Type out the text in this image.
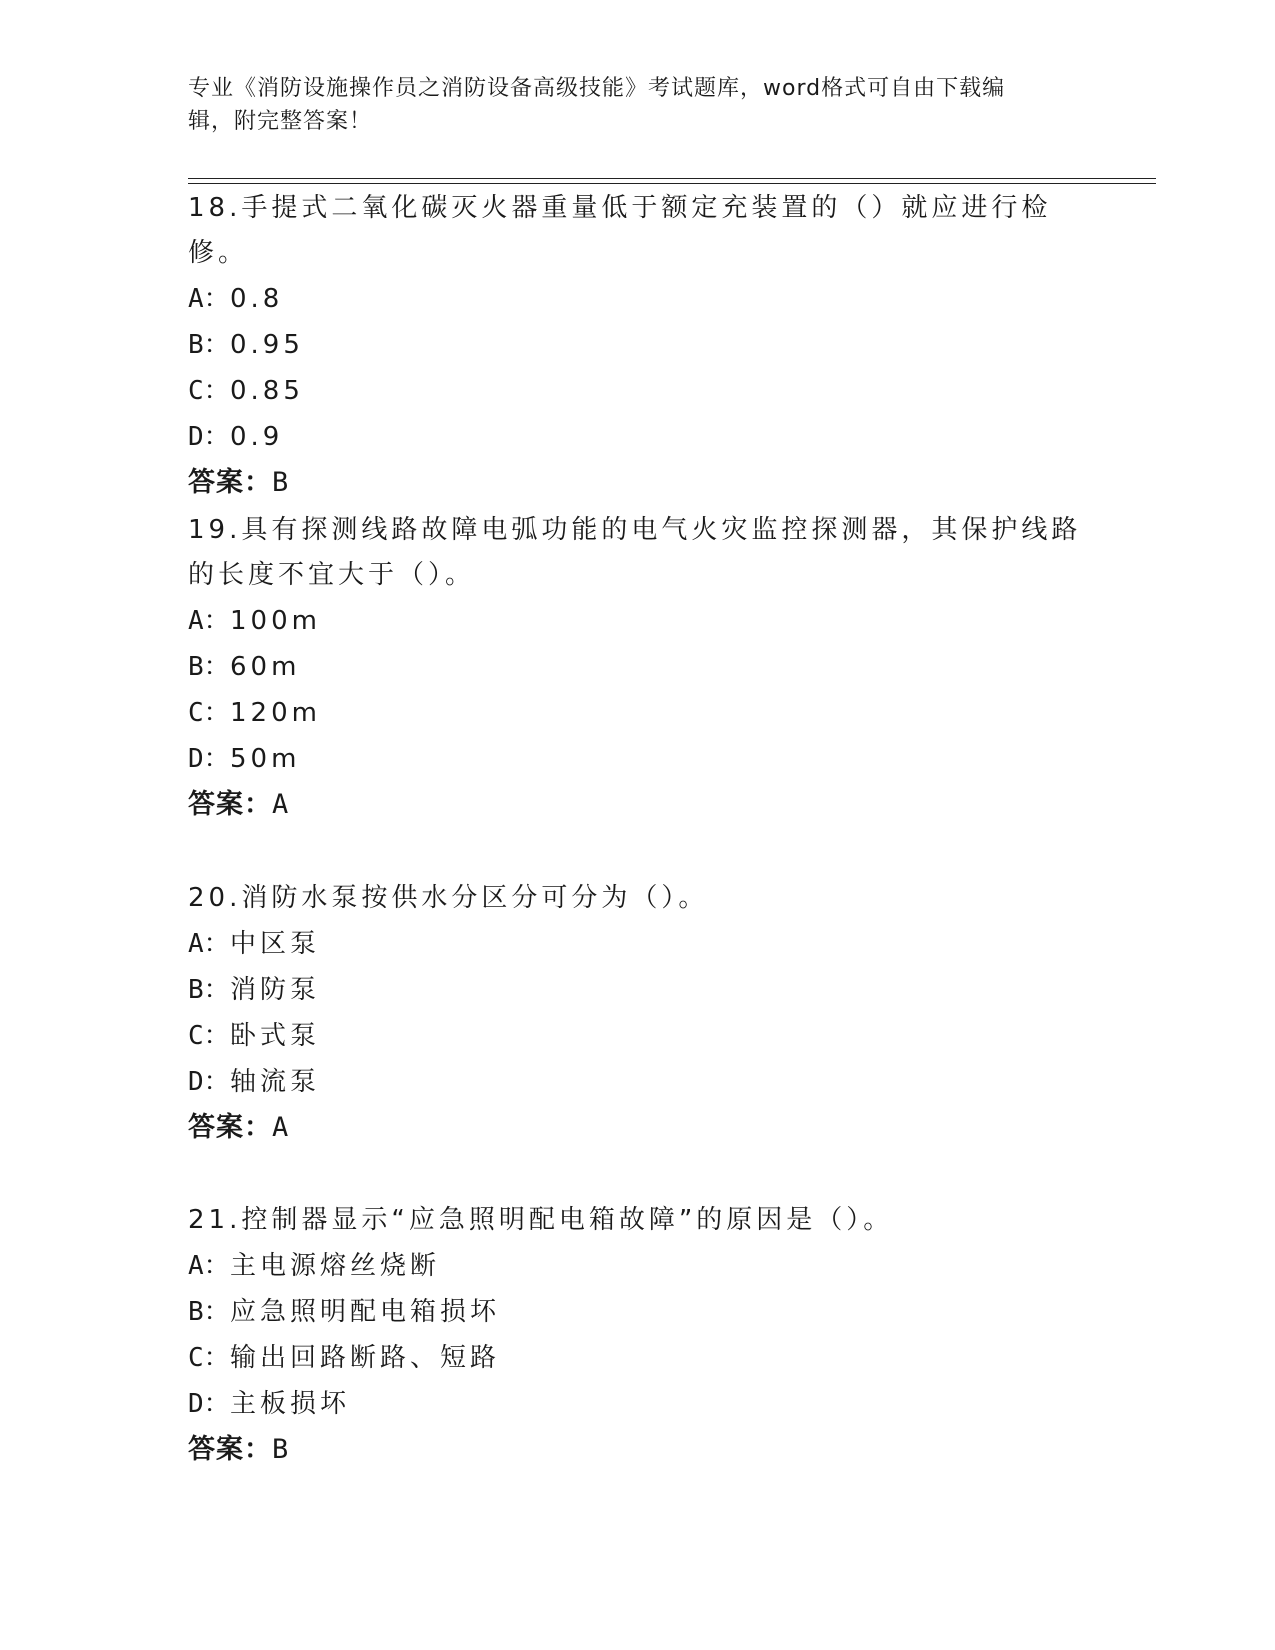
专业《消防设施操作员之消防设备高级技能》考试题库，word格式可自由下载编
辑，附完整答案！

18.手提式二氧化碳灭火器重量低于额定充装置的（）就应进行检修。

A：0.8
B：0.95
C：0.85
D：0.9
答案：B

19.具有探测线路故障电弧功能的电气火灾监控探测器，其保护线路的长度不宜大于（）。

A：100m
B：60m
C：120m
D：50m
答案：A

20.消防水泵按供水分区分可分为（）。

A：中区泵
B：消防泵
C：卧式泵
D：轴流泵
答案：A

21.控制器显示“应急照明配电箱故障”的原因是（）。

A：主电源熔丝烧断
B：应急照明配电箱损坏
C：输出回路断路、短路
D：主板损坏
答案：B
